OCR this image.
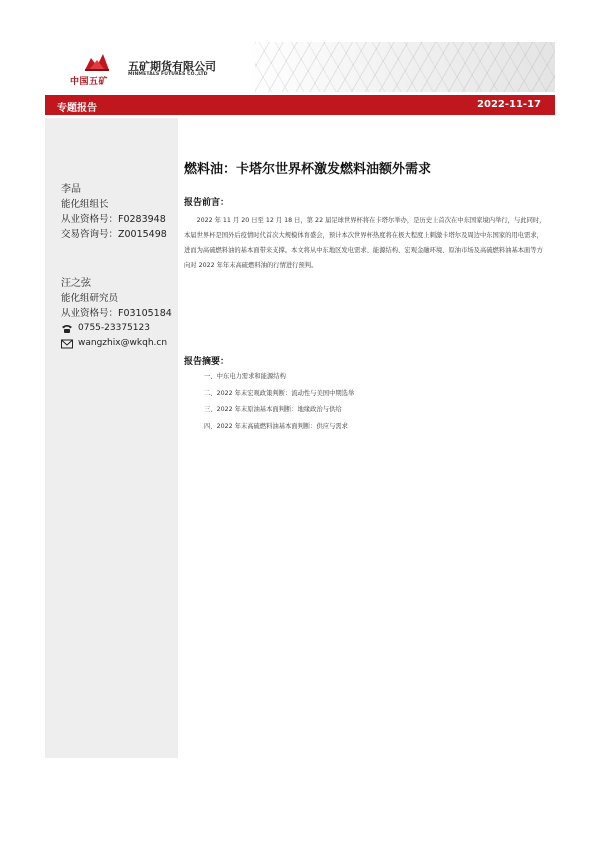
中国五矿
五矿期货有限公司
MINMETALS FUTURES CO.,LTD
专题报告	2022-11-17
李品
能化组组长
从业资格号：F0283948
交易咨询号：Z0015498
汪之弦
能化组研究员
从业资格号：F03105184
0755-23375123
wangzhix@wkqh.cn
燃料油：卡塔尔世界杯激发燃料油额外需求
报告前言：

2022 年 11 月 20 日至 12 月 18 日，第 22 届足球世界杯将在卡塔尔举办，是历史上首次在中东国家境内举行，与此同时，本届世界杯是国外后疫情时代首次大规模体育盛会，预计本次世界杯热度将在极大程度上刺激卡塔尔及周边中东国家的用电需求，进而为高硫燃料油的基本面带来支撑。本文将从中东地区发电需求、能源结构、宏观金融环境、原油市场及高硫燃料油基本面等方向对 2022 年年末高硫燃料油的行情进行预判。

报告摘要：
一、中东电力需求和能源结构
二、2022 年末宏观政策判断：流动性与美国中期选举
三、2022 年末原油基本面判断：地缘政治与供给
四、2022 年末高硫燃料油基本面判断：供应与需求
